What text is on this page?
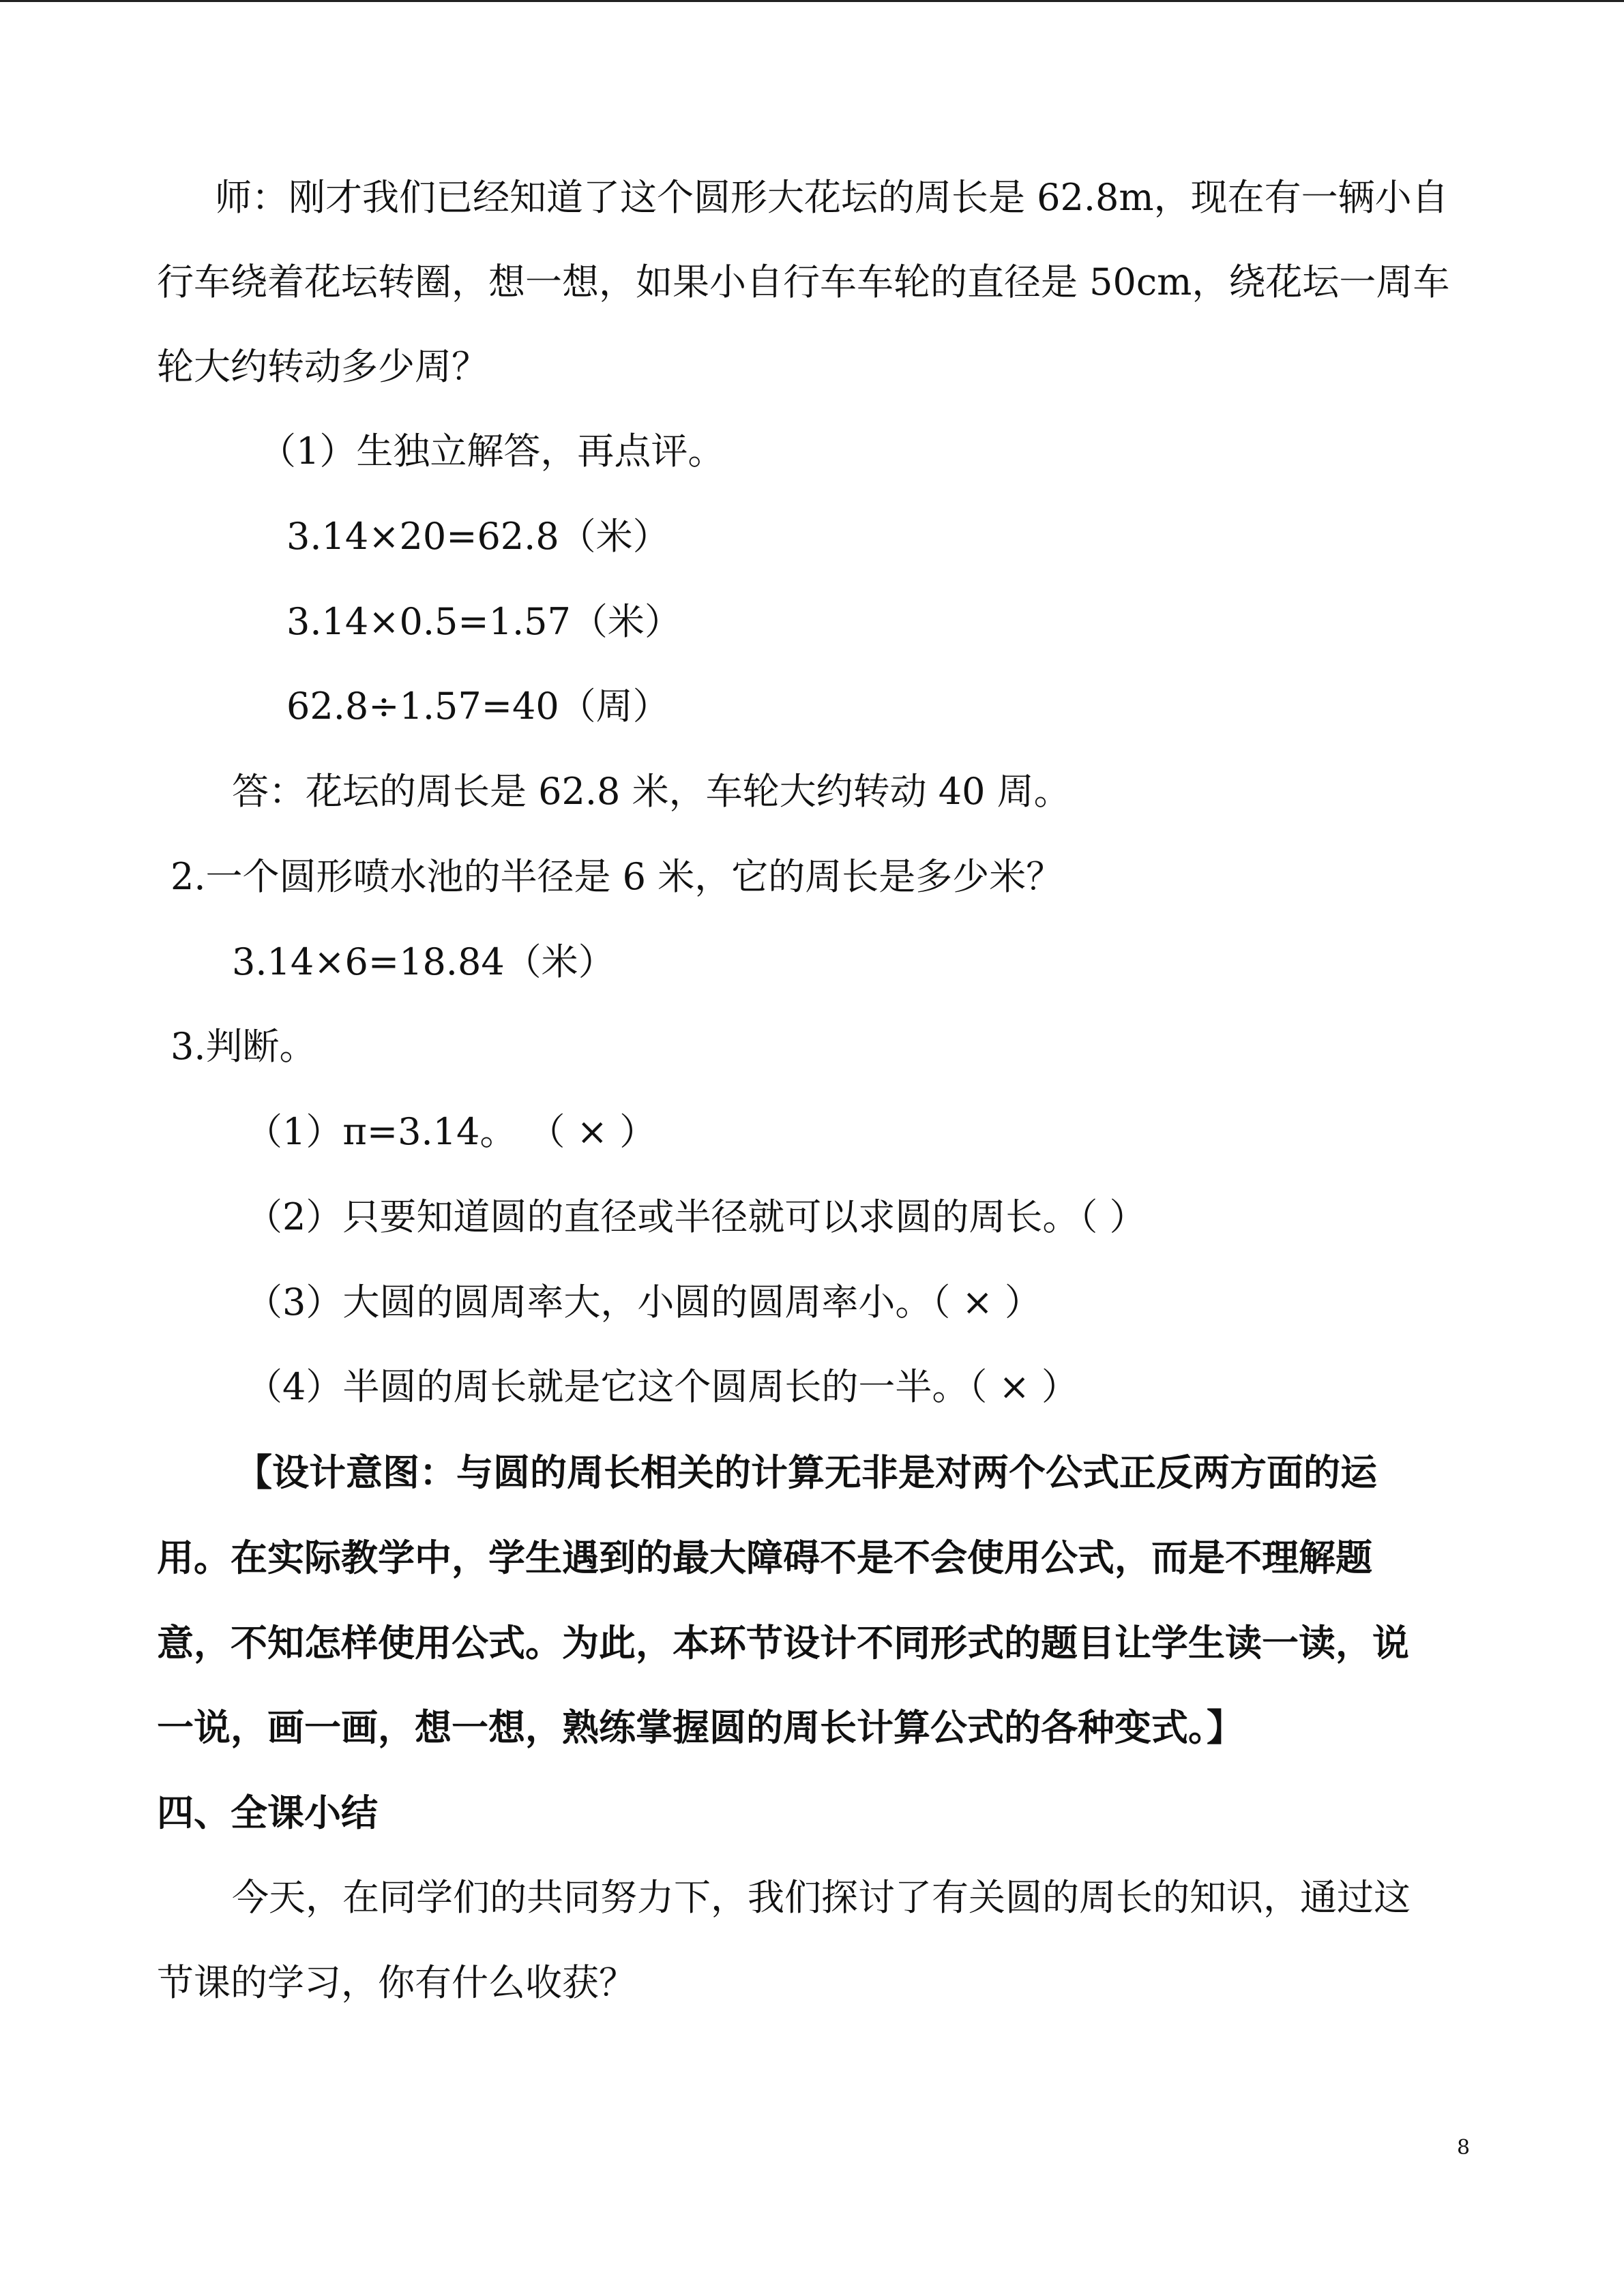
师：刚才我们已经知道了这个圆形大花坛的周长是 62.8m，现在有一辆小自
行车绕着花坛转圈，想一想，如果小自行车车轮的直径是 50cm，绕花坛一周车
轮大约转动多少周？
（1）生独立解答，再点评。
3.14×20=62.8（米）
3.14×0.5=1.57（米）
62.8÷1.57=40（周）
答：花坛的周长是 62.8 米，车轮大约转动 40 周。
2.一个圆形喷水池的半径是 6 米，它的周长是多少米？
3.14×6=18.84（米）
3.判断。
（1）π=3.14。 （ × ）
（2）只要知道圆的直径或半径就可以求圆的周长。（ ）
（3）大圆的圆周率大，小圆的圆周率小。（ × ）
（4）半圆的周长就是它这个圆周长的一半。（ × ）
【设计意图：与圆的周长相关的计算无非是对两个公式正反两方面的运
用。在实际教学中，学生遇到的最大障碍不是不会使用公式，而是不理解题
意，不知怎样使用公式。为此，本环节设计不同形式的题目让学生读一读，说
一说，画一画，想一想，熟练掌握圆的周长计算公式的各种变式。】
四、全课小结
今天，在同学们的共同努力下，我们探讨了有关圆的周长的知识，通过这
节课的学习，你有什么收获？
8
